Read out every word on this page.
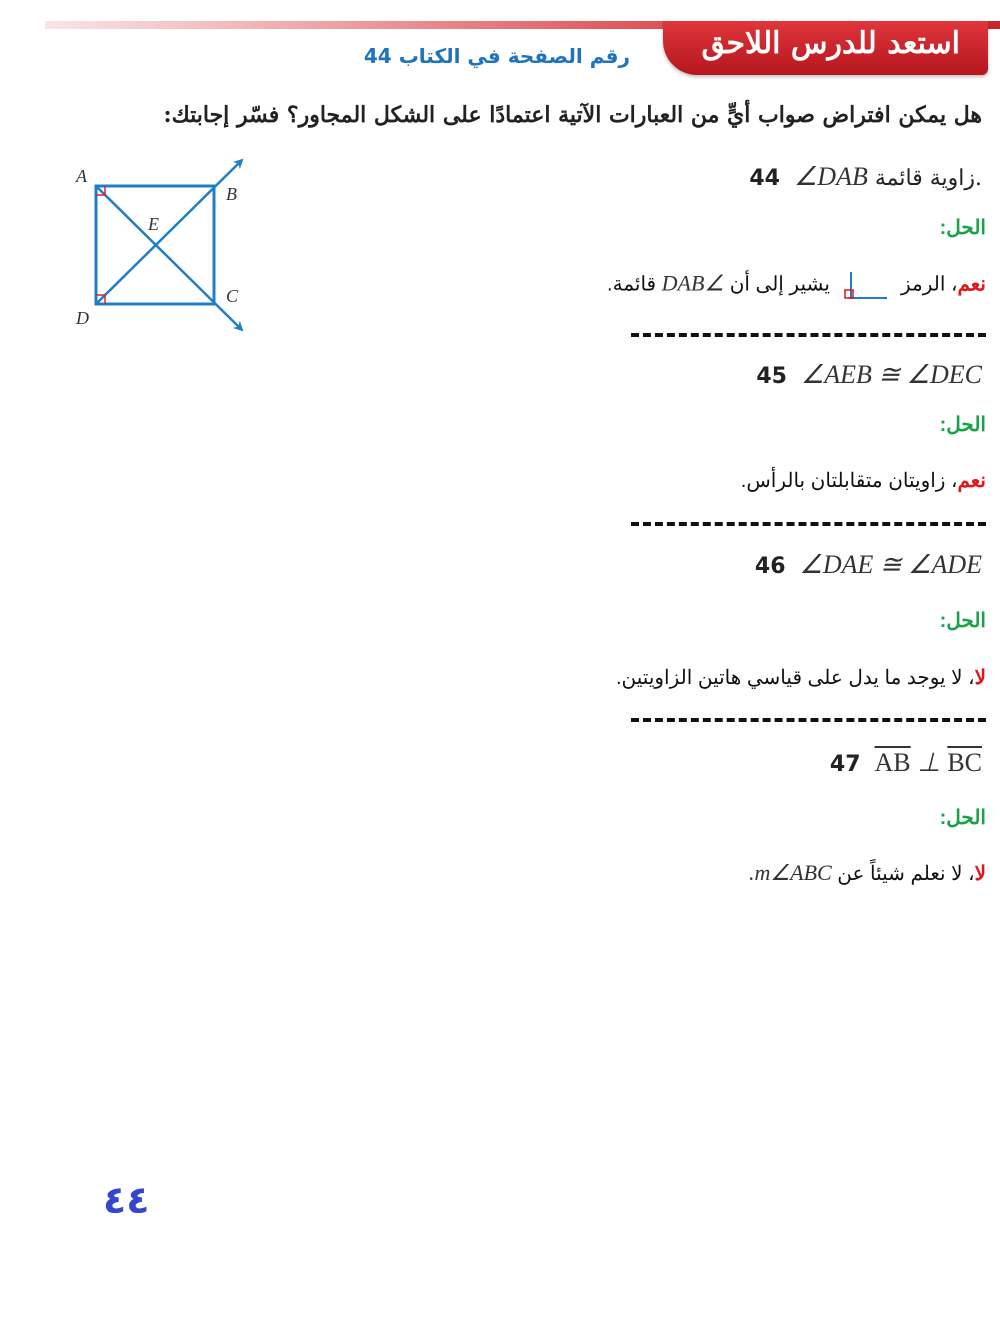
استعد للدرس اللاحق
رقم الصفحة في الكتاب 44
هل يمكن افتراض صواب أيٍّ من العبارات الآتية اعتمادًا على الشكل المجاور؟ فسّر إجابتك:
A
B
C
D
E
44 ∠DAB زاوية قائمة.
الحل:
نعم، الرمز  يشير إلى أن ∠DAB قائمة.
45 ∠AEB ≅ ∠DEC
الحل:
نعم، زاويتان متقابلتان بالرأس.
46 ∠DAE ≅ ∠ADE
الحل:
لا، لا يوجد ما يدل على قياسي هاتين الزاويتين.
47 AB ⊥ BC
الحل:
لا، لا نعلم شيئاً عن m∠ABC.
٤٤
